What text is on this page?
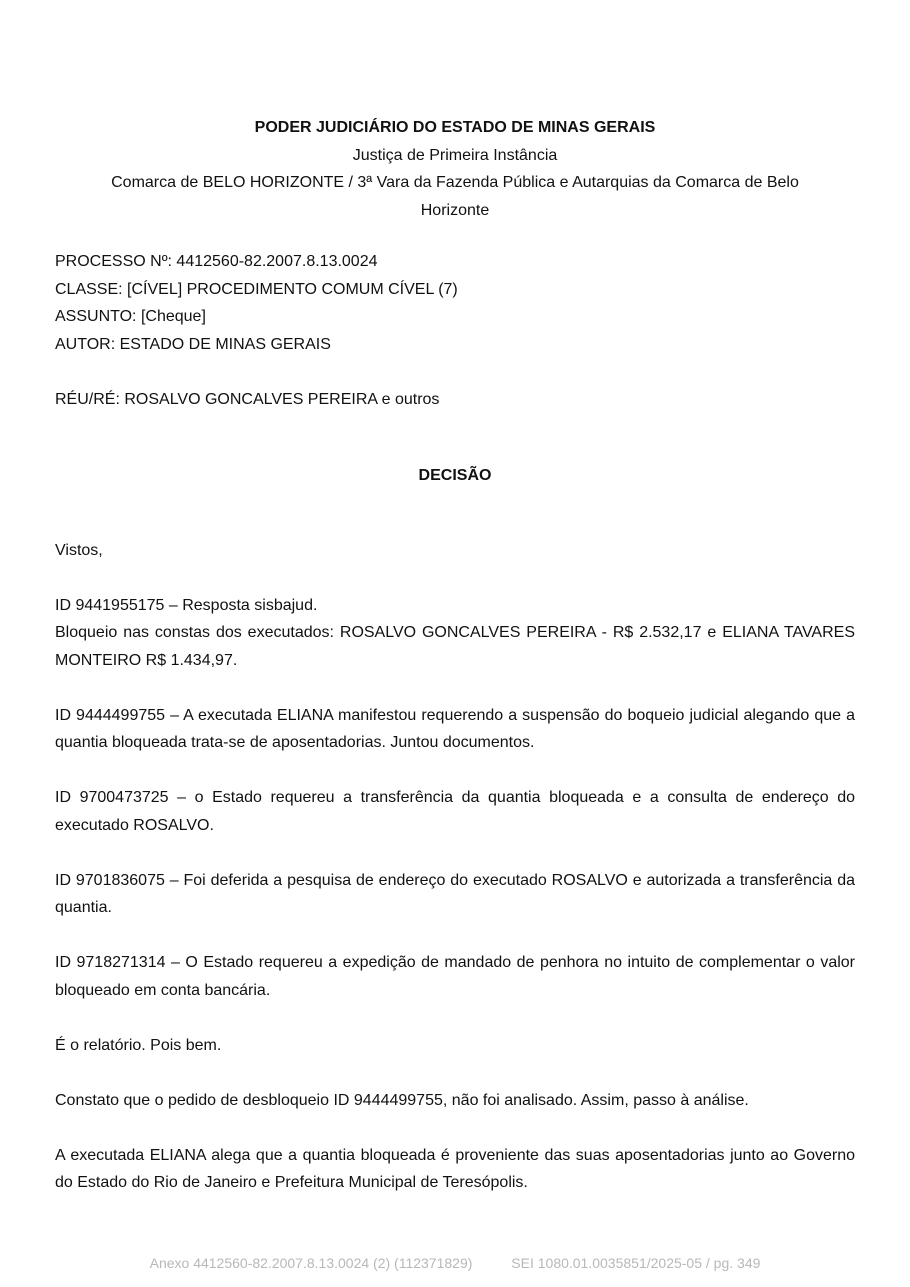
PODER JUDICIÁRIO DO ESTADO DE MINAS GERAIS

Justiça de Primeira Instância

Comarca de BELO HORIZONTE / 3ª Vara da Fazenda Pública e Autarquias da Comarca de Belo

Horizonte

PROCESSO Nº: 4412560-82.2007.8.13.0024

CLASSE: [CÍVEL] PROCEDIMENTO COMUM CÍVEL (7)

ASSUNTO: [Cheque]

AUTOR: ESTADO DE MINAS GERAIS

RÉU/RÉ: ROSALVO GONCALVES PEREIRA e outros

DECISÃO

Vistos,

ID 9441955175 – Resposta sisbajud.
Bloqueio nas constas dos executados: ROSALVO GONCALVES PEREIRA - R$ 2.532,17 e ELIANA TAVARES MONTEIRO R$ 1.434,97.

ID 9444499755 – A executada ELIANA manifestou requerendo a suspensão do boqueio judicial alegando que a quantia bloqueada trata-se de aposentadorias. Juntou documentos.

ID 9700473725 – o Estado requereu a transferência da quantia bloqueada e a consulta de endereço do executado ROSALVO.

ID 9701836075 – Foi deferida a pesquisa de endereço do executado ROSALVO e autorizada a transferência da quantia.

ID 9718271314 – O Estado requereu a expedição de mandado de penhora no intuito de complementar o valor bloqueado em conta bancária.

É o relatório. Pois bem.

Constato que o pedido de desbloqueio ID 9444499755, não foi analisado. Assim, passo à análise.

A executada ELIANA alega que a quantia bloqueada é proveniente das suas aposentadorias junto ao Governo do Estado do Rio de Janeiro e Prefeitura Municipal de Teresópolis.

Anexo 4412560-82.2007.8.13.0024 (2) (112371829)          SEI 1080.01.0035851/2025-05 / pg. 349
